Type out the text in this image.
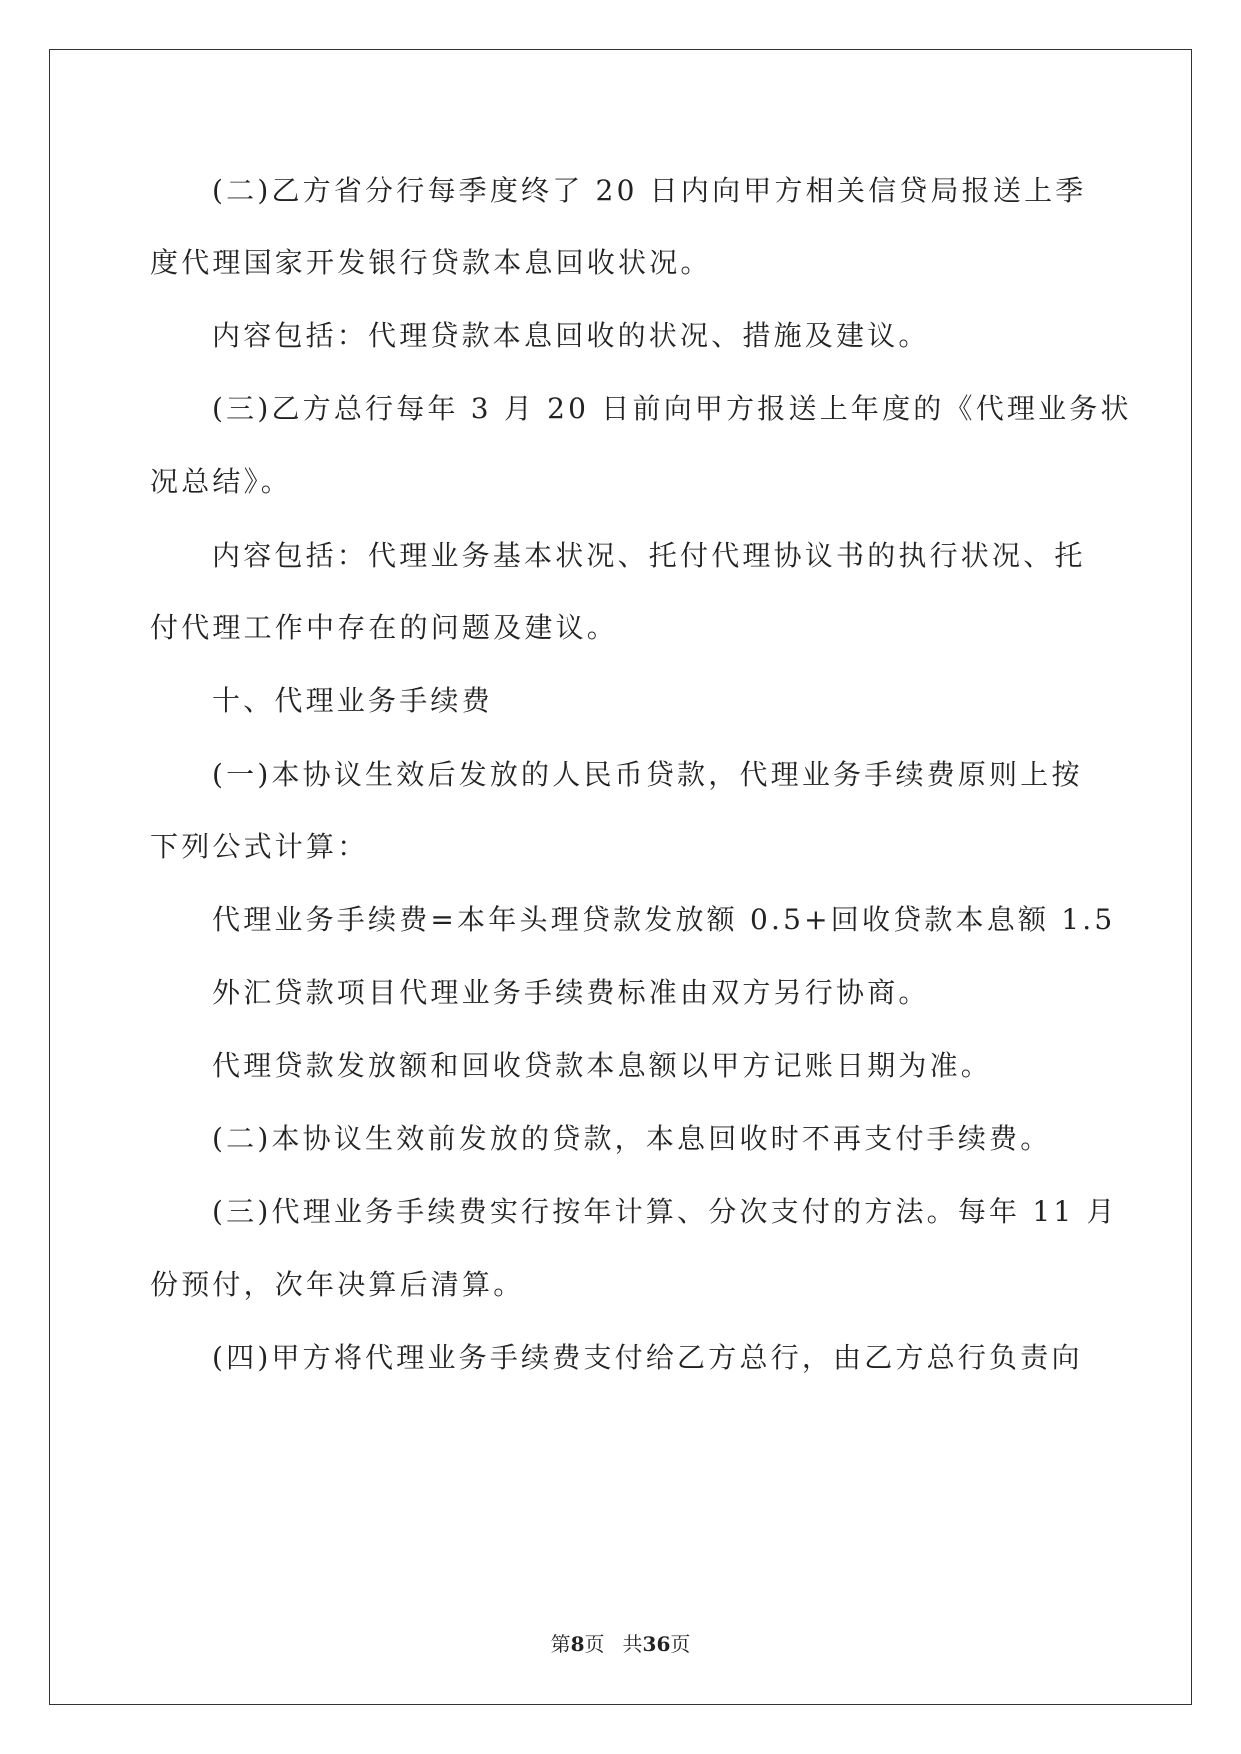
(二)乙方省分行每季度终了 20 日内向甲方相关信贷局报送上季
度代理国家开发银行贷款本息回收状况。
内容包括：代理贷款本息回收的状况、措施及建议。
(三)乙方总行每年 3 月 20 日前向甲方报送上年度的《代理业务状
况总结》。
内容包括：代理业务基本状况、托付代理协议书的执行状况、托
付代理工作中存在的问题及建议。
十、代理业务手续费
(一)本协议生效后发放的人民币贷款，代理业务手续费原则上按
下列公式计算：
代理业务手续费=本年头理贷款发放额 0.5+回收贷款本息额 1.5
外汇贷款项目代理业务手续费标准由双方另行协商。
代理贷款发放额和回收贷款本息额以甲方记账日期为准。
(二)本协议生效前发放的贷款，本息回收时不再支付手续费。
(三)代理业务手续费实行按年计算、分次支付的方法。每年 11 月
份预付，次年决算后清算。
(四)甲方将代理业务手续费支付给乙方总行，由乙方总行负责向
第8页 共36页
